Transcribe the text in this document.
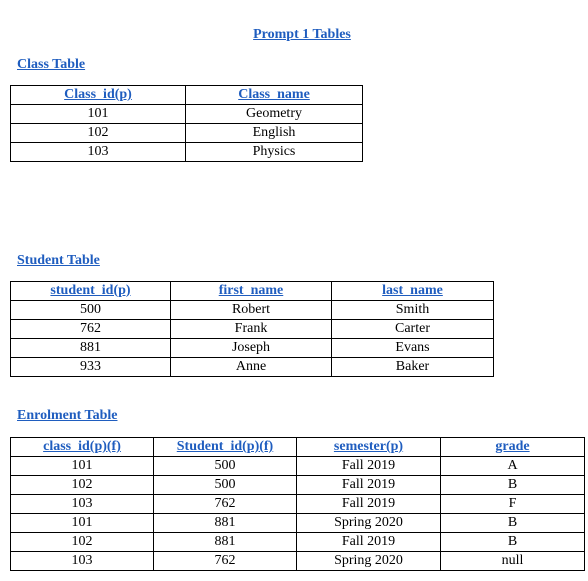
Prompt 1 Tables
Class Table
Class_id(p)	Class_name
101	Geometry
102	English
103	Physics
Student Table
student_id(p)	first_name	last_name
500	Robert	Smith
762	Frank	Carter
881	Joseph	Evans
933	Anne	Baker
Enrolment Table
class_id(p)(f)	Student_id(p)(f)	semester(p)	grade
101	500	Fall 2019	A
102	500	Fall 2019	B
103	762	Fall 2019	F
101	881	Spring 2020	B
102	881	Fall 2019	B
103	762	Spring 2020	null
